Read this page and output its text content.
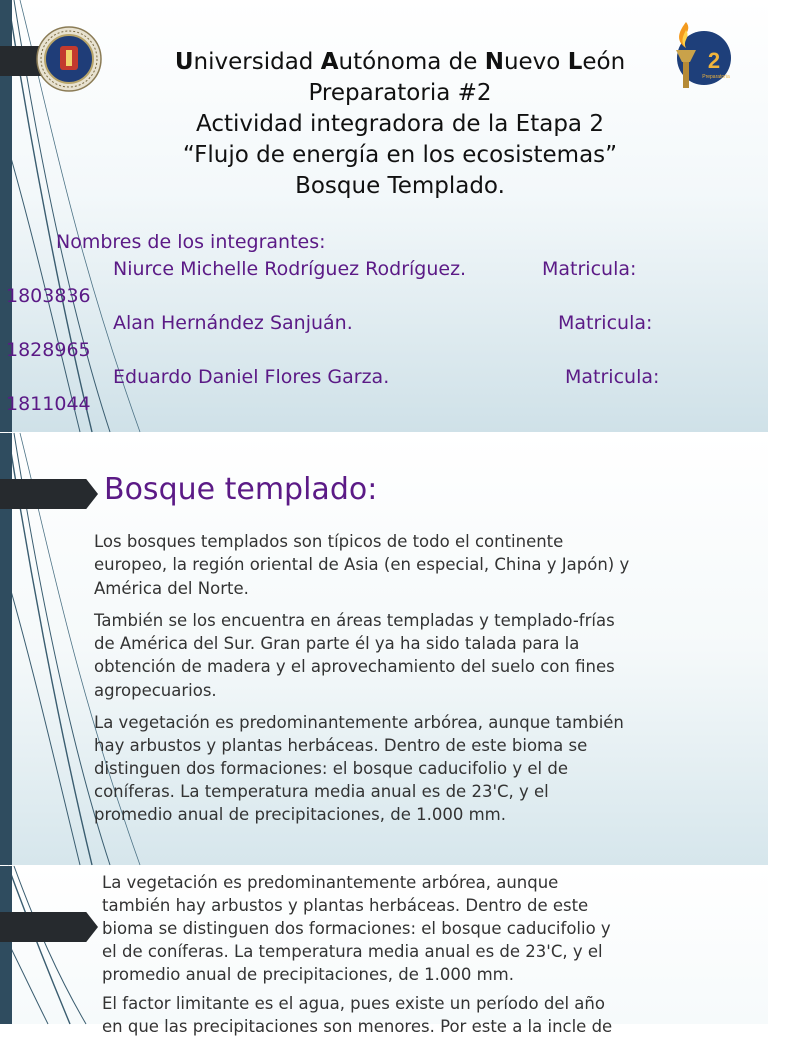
2
Preparatoria
Universidad Autónoma de Nuevo León
Preparatoria #2
Actividad integradora de la Etapa 2
“Flujo de energía en los ecosistemas”
Bosque Templado.
Nombres de los integrantes:
Niurce Michelle Rodríguez Rodríguez.	Matricula:
1803836
Alan Hernández Sanjuán.	Matricula:
1828965
Eduardo Daniel Flores Garza.	Matricula:
1811044
Bosque templado:
Los bosques templados son típicos de todo el continente
europeo, la región oriental de Asia (en especial, China y Japón) y
América del Norte.
También se los encuentra en áreas templadas y templado-frías
de América del Sur. Gran parte él ya ha sido talada para la
obtención de madera y el aprovechamiento del suelo con fines
agropecuarios.
La vegetación es predominantemente arbórea, aunque también
hay arbustos y plantas herbáceas. Dentro de este bioma se
distinguen dos formaciones: el bosque caducifolio y el de
coníferas. La temperatura media anual es de 23'C, y el
promedio anual de precipitaciones, de 1.000 mm.
La vegetación es predominantemente arbórea, aunque
también hay arbustos y plantas herbáceas. Dentro de este
bioma se distinguen dos formaciones: el bosque caducifolio y
el de coníferas. La temperatura media anual es de 23'C, y el
promedio anual de precipitaciones, de 1.000 mm.
El factor limitante es el agua, pues existe un período del año
en que las precipitaciones son menores. Por este a la incle de
